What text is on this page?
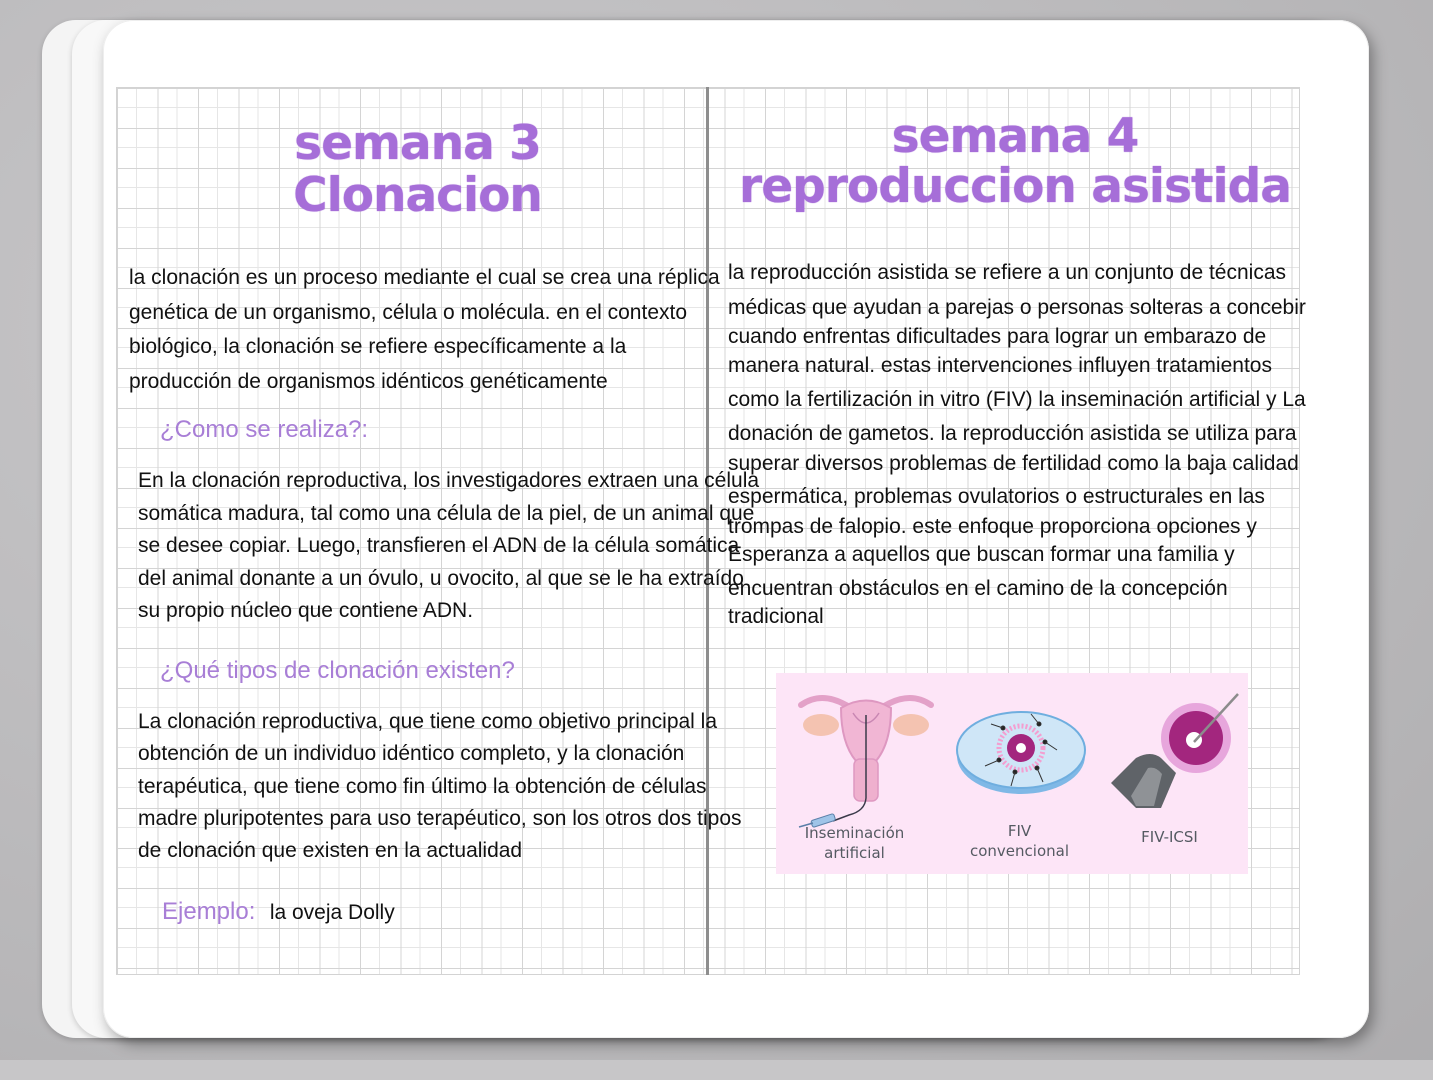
semana 3
Clonacion
la clonación es un proceso mediante el cual se crea una réplica
genética de un organismo, célula o molécula. en el contexto
biológico, la clonación se refiere específicamente a la
producción de organismos idénticos genéticamente
¿Como se realiza?:
En la clonación reproductiva, los investigadores extraen una célula
somática madura, tal como una célula de la piel, de un animal que
se desee copiar. Luego, transfieren el ADN de la célula somática
del animal donante a un óvulo, u ovocito, al que se le ha extraído
su propio núcleo que contiene ADN.
¿Qué tipos de clonación existen?
La clonación reproductiva, que tiene como objetivo principal la
obtención de un individuo idéntico completo, y la clonación
terapéutica, que tiene como fin último la obtención de células
madre pluripotentes para uso terapéutico, son los otros dos tipos
de clonación que existen en la actualidad
Ejemplo: la oveja Dolly
semana 4
reproduccion asistida
la reproducción asistida se refiere a un conjunto de técnicas
médicas que ayudan a parejas o personas solteras a concebir
cuando enfrentas dificultades para lograr un embarazo de
manera natural. estas intervenciones influyen tratamientos
como la fertilización in vitro (FIV) la inseminación artificial y La
donación de gametos. la reproducción asistida se utiliza para
superar diversos problemas de fertilidad como la baja calidad
espermática, problemas ovulatorios o estructurales en las
trompas de falopio. este enfoque proporciona opciones y
Esperanza a aquellos que buscan formar una familia y
encuentran obstáculos en el camino de la concepción
tradicional
Inseminación
artificial
FIV
convencional
FIV-ICSI
